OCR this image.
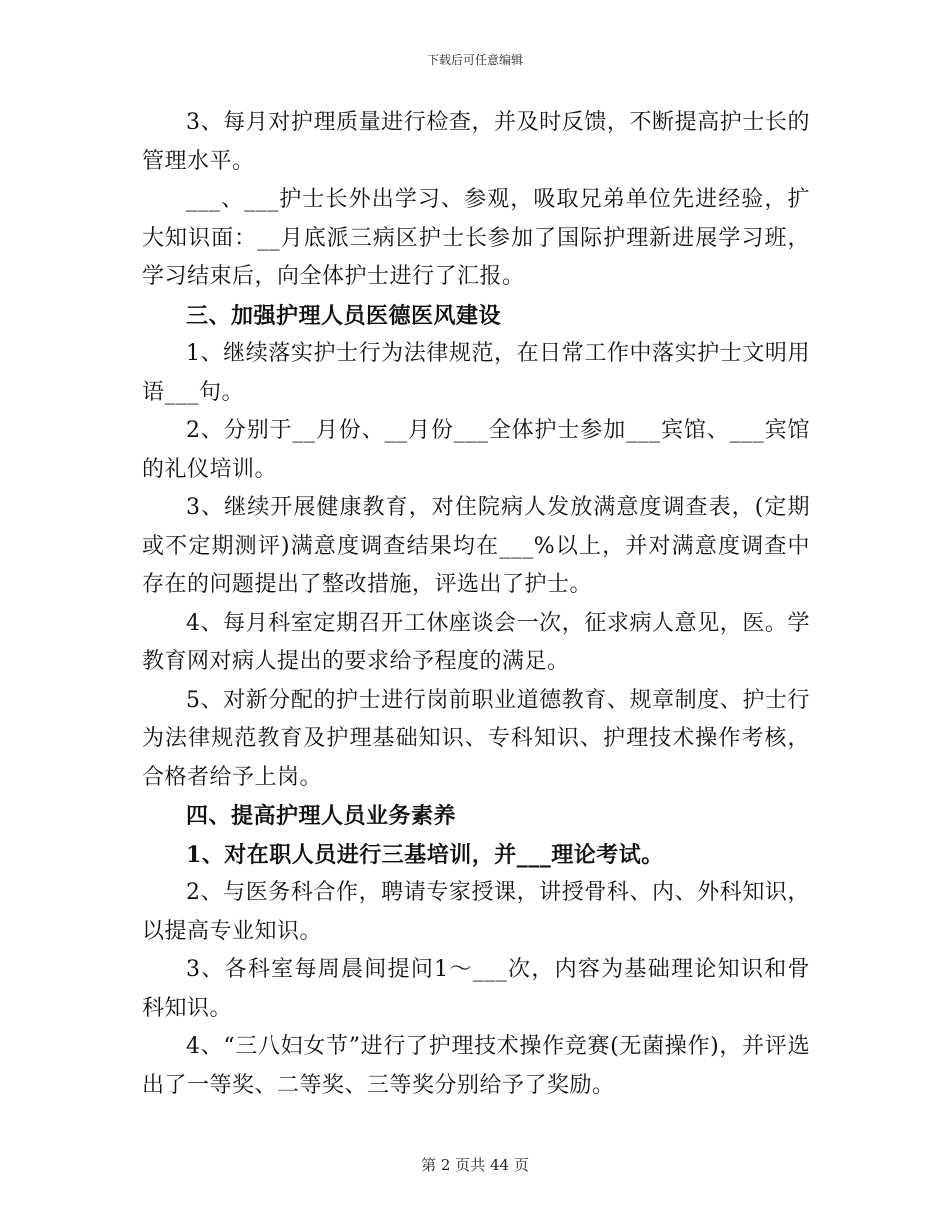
下载后可任意编辑

3、每月对护理质量进行检查，并及时反馈，不断提高护士长的管理水平。

___、___护士长外出学习、参观，吸取兄弟单位先进经验，扩大知识面：__月底派三病区护士长参加了国际护理新进展学习班，学习结束后，向全体护士进行了汇报。

三、加强护理人员医德医风建设

1、继续落实护士行为法律规范，在日常工作中落实护士文明用语___句。

2、分别于__月份、__月份___全体护士参加___宾馆、___宾馆的礼仪培训。

3、继续开展健康教育，对住院病人发放满意度调查表，(定期或不定期测评)满意度调查结果均在___%以上，并对满意度调查中存在的问题提出了整改措施，评选出了护士。

4、每月科室定期召开工休座谈会一次，征求病人意见，医。学教育网对病人提出的要求给予程度的满足。

5、对新分配的护士进行岗前职业道德教育、规章制度、护士行为法律规范教育及护理基础知识、专科知识、护理技术操作考核，合格者给予上岗。

四、提高护理人员业务素养

1、对在职人员进行三基培训，并___理论考试。

2、与医务科合作，聘请专家授课，讲授骨科、内、外科知识，以提高专业知识。

3、各科室每周晨间提问1～___次，内容为基础理论知识和骨科知识。

4、“三八妇女节”进行了护理技术操作竞赛(无菌操作)，并评选出了一等奖、二等奖、三等奖分别给予了奖励。

第 2 页共 44 页
